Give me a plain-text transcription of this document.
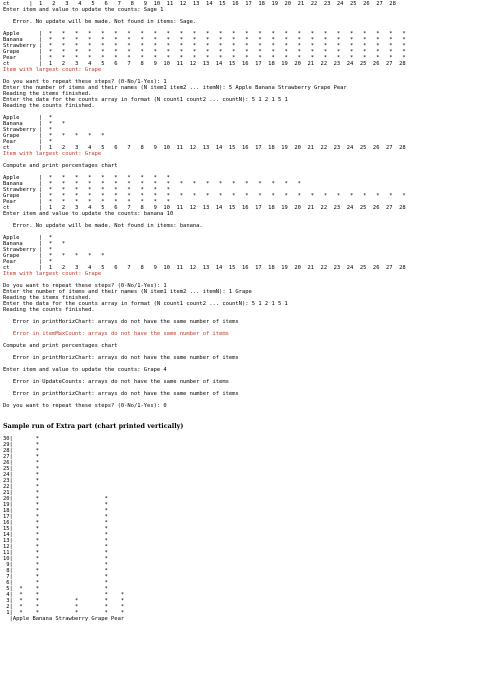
ct      |  1   2   3   4   5   6   7   8   9  10  11  12  13  14  15  16  17  18  19  20  21  22  23  24  25  26  27  28
Enter item and value to update the counts: Sage 1
Error. No update will be made. Not found in items: Sage.
Apple      |  *   *   *   *   *   *   *   *   *   *   *   *   *   *   *   *   *   *   *   *   *   *   *   *   *   *   *   *
Banana     |  *   *   *   *   *   *   *   *   *   *   *   *   *   *   *   *   *   *   *   *   *   *   *   *   *   *   *   *
Strawberry |  *   *   *   *   *   *   *   *   *   *   *   *   *   *   *   *   *   *   *   *   *   *   *   *   *   *   *   *
Grape      |  *   *   *   *   *   *   *   *   *   *   *   *   *   *   *   *   *   *   *   *   *   *   *   *   *   *   *   *
Pear       |  *   *   *   *   *   *   *   *   *   *   *   *   *   *   *   *   *   *   *   *   *   *   *   *   *   *   *   *
ct         |  1   2   3   4   5   6   7   8   9  10  11  12  13  14  15  16  17  18  19  20  21  22  23  24  25  26  27  28
Item with largest count: Grape
Do you want to repeat these steps? (0-No/1-Yes): 1
Enter the number of items and their names (N item1 item2 ... itemN): 5 Apple Banana Strawberry Grape Pear
Reading the items finished.
Enter the data for the counts array in format (N count1 count2 ... countN): 5 1 2 1 5 1
Reading the counts finished.
Apple      |  *
Banana     |  *   *
Strawberry |  *
Grape      |  *   *   *   *   *
Pear       |  *
ct         |  1   2   3   4   5   6   7   8   9  10  11  12  13  14  15  16  17  18  19  20  21  22  23  24  25  26  27  28
Item with largest count: Grape
Compute and print percentages chart
Apple      |  *   *   *   *   *   *   *   *   *   *
Banana     |  *   *   *   *   *   *   *   *   *   *   *   *   *   *   *   *   *   *   *   *
Strawberry |  *   *   *   *   *   *   *   *   *   *
Grape      |  *   *   *   *   *   *   *   *   *   *   *   *   *   *   *   *   *   *   *   *   *   *   *   *   *   *   *   *
Pear       |  *   *   *   *   *   *   *   *   *   *
ct         |  1   2   3   4   5   6   7   8   9  10  11  12  13  14  15  16  17  18  19  20  21  22  23  24  25  26  27  28
Enter item and value to update the counts: banana 10
Error. No update will be made. Not found in items: banana.
Apple      |  *
Banana     |  *   *
Strawberry |  *
Grape      |  *   *   *   *   *
Pear       |  *
ct         |  1   2   3   4   5   6   7   8   9  10  11  12  13  14  15  16  17  18  19  20  21  22  23  24  25  26  27  28
Item with largest count: Grape
Do you want to repeat these steps? (0-No/1-Yes): 1
Enter the number of items and their names (N item1 item2 ... itemN): 1 Grape
Reading the items finished.
Enter the data for the counts array in format (N count1 count2 ... countN): 5 1 2 1 5 1
Reading the counts finished.
Error in printHorizChart: arrays do not have the same number of items
Error in itemMaxCount: arrays do not have the same number of items
Compute and print percentages chart
Error in printHorizChart: arrays do not have the same number of items
Enter item and value to update the counts: Grape 4
Error in UpdateCounts: arrays do not have the same number of items
Error in printHorizChart: arrays do not have the same number of items
Do you want to repeat these steps? (0-No/1-Yes): 0
Sample run of Extra part (chart printed vertically)
30|       *
29|       *
28|       *
27|       *
26|       *
25|       *
24|       *
23|       *
22|       *
21|       *
20|       *                    *
19|       *                    *
18|       *                    *
17|       *                    *
16|       *                    *
15|       *                    *
14|       *                    *
13|       *                    *
12|       *                    *
11|       *                    *
10|       *                    *
9|       *                    *
8|       *                    *
7|       *                    *
6|       *                    *
5|  *    *                    *
4|  *    *                    *    *
3|  *    *           *        *    *
2|  *    *           *        *    *
1|  *    *           *        *    *
|Apple Banana Strawberry Grape Pear
